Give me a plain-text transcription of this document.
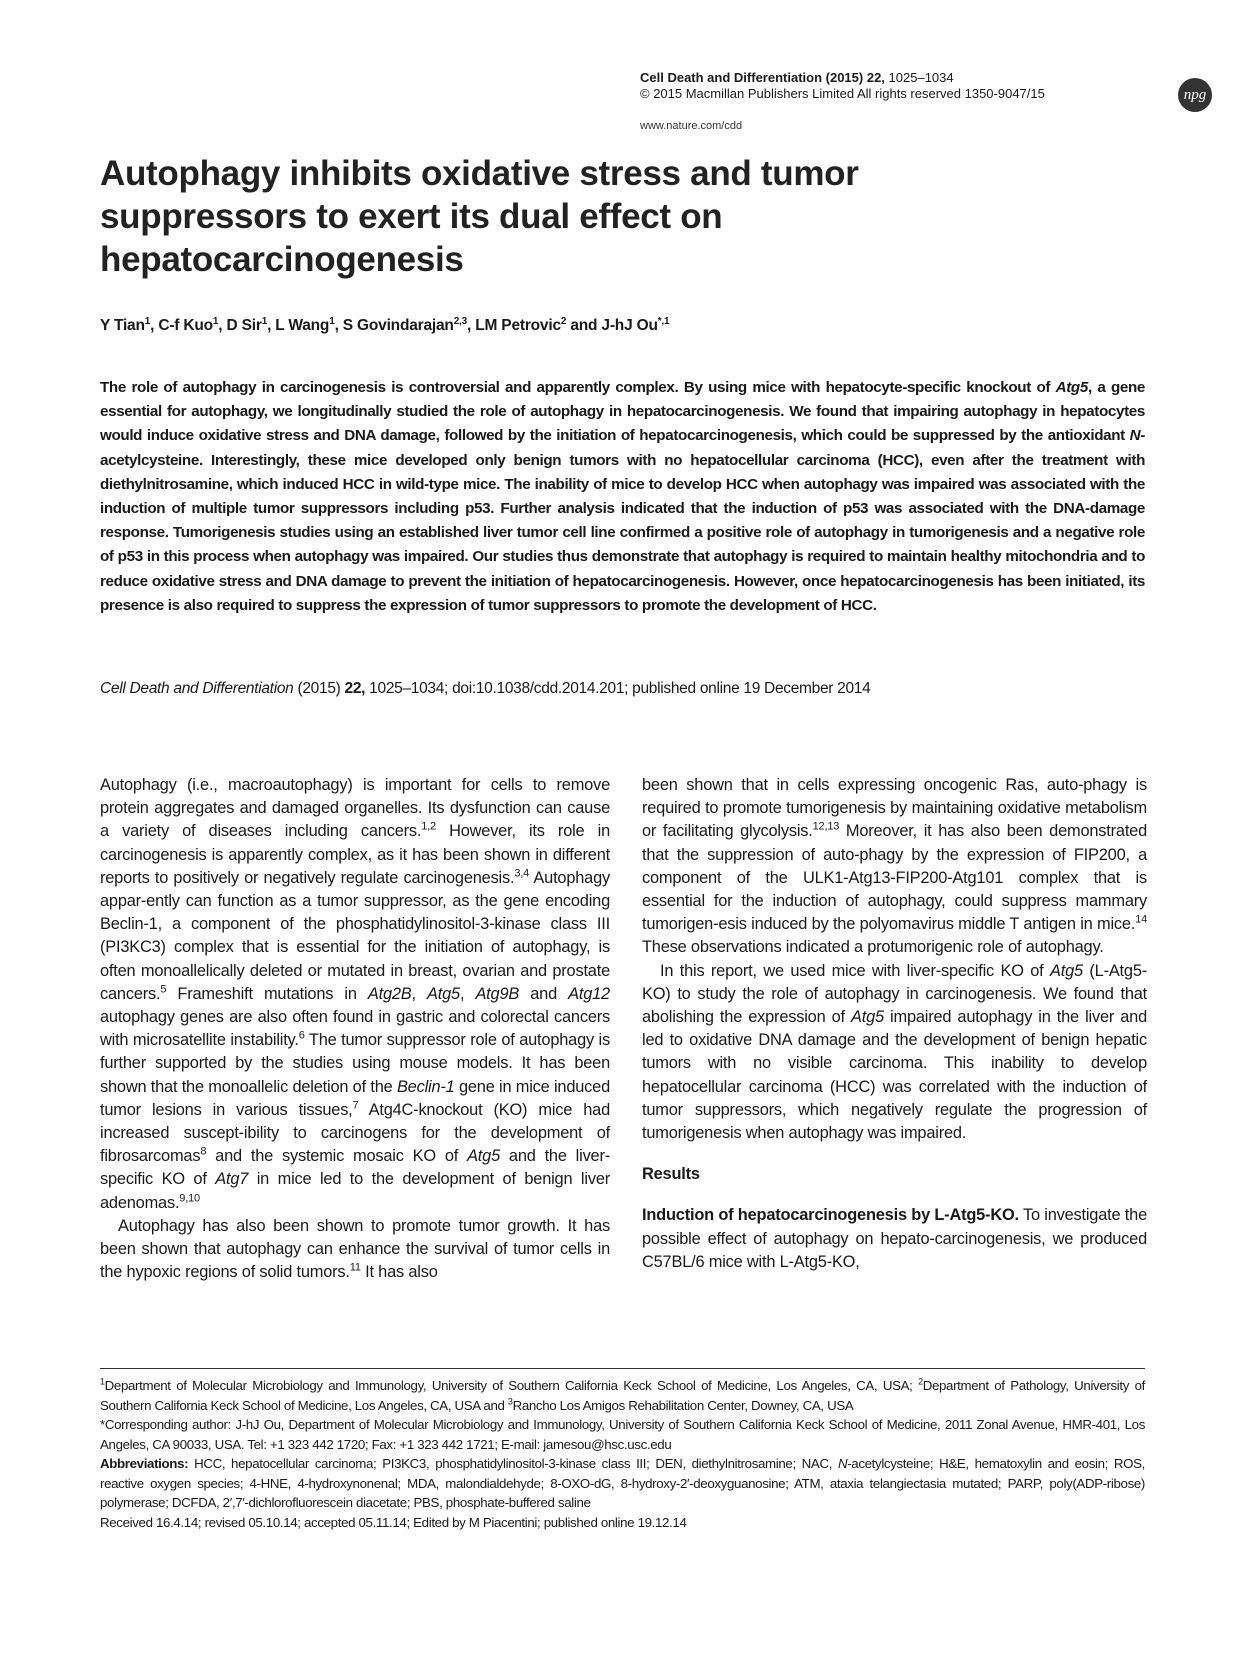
Cell Death and Differentiation (2015) 22, 1025–1034
© 2015 Macmillan Publishers Limited All rights reserved 1350-9047/15
www.nature.com/cdd
npg
Autophagy inhibits oxidative stress and tumor suppressors to exert its dual effect on hepatocarcinogenesis
Y Tian$^1$, C-f Kuo$^1$, D Sir$^1$, L Wang$^1$, S Govindarajan$^{2,3}$, LM Petrovic$^2$ and J-hJ $Ou^{*,1}$
The role of autophagy in carcinogenesis is controversial and apparently complex. By using mice with hepatocyte-specific knockout of Atg5, a gene essential for autophagy, we longitudinally studied the role of autophagy in hepatocarcinogenesis. We found that impairing autophagy in hepatocytes would induce oxidative stress and DNA damage, followed by the initiation of hepatocarcinogenesis, which could be suppressed by the antioxidant N-acetylcysteine. Interestingly, these mice developed only benign tumors with no hepatocellular carcinoma (HCC), even after the treatment with diethylnitrosamine, which induced HCC in wild-type mice. The inability of mice to develop HCC when autophagy was impaired was associated with the induction of multiple tumor suppressors including p53. Further analysis indicated that the induction of p53 was associated with the DNA-damage response. Tumorigenesis studies using an established liver tumor cell line confirmed a positive role of autophagy in tumorigenesis and a negative role of p53 in this process when autophagy was impaired. Our studies thus demonstrate that autophagy is required to maintain healthy mitochondria and to reduce oxidative stress and DNA damage to prevent the initiation of hepatocarcinogenesis. However, once hepatocarcinogenesis has been initiated, its presence is also required to suppress the expression of tumor suppressors to promote the development of HCC.
Cell Death and Differentiation (2015) 22, 1025–1034; doi:10.1038/cdd.2014.201; published online 19 December 2014

Autophagy (i.e., macroautophagy) is important for cells to remove protein aggregates and damaged organelles. Its dysfunction can cause a variety of diseases including cancers.$^{1,2}$ However, its role in carcinogenesis is apparently complex, as it has been shown in different reports to positively or negatively regulate carcinogenesis.$^{3,4}$ Autophagy appar-ently can function as a tumor suppressor, as the gene encoding Beclin-1, a component of the phosphatidylinositol-3-kinase class III (PI3KC3) complex that is essential for the initiation of autophagy, is often monoallelically deleted or mutated in breast, ovarian and prostate cancers.$^5$ Frameshift mutations in Atg2B, Atg5, Atg9B and Atg12 autophagy genes are also often found in gastric and colorectal cancers with microsatellite instability.$^6$ The tumor suppressor role of autophagy is further supported by the studies using mouse models. It has been shown that the monoallelic deletion of the Beclin-1 gene in mice induced tumor lesions in various tissues,$^7$ Atg4C-knockout (KO) mice had increased suscept-ibility to carcinogens for the development of fibrosarcomas$^8$ and the systemic mosaic KO of Atg5 and the liver-specific KO of Atg7 in mice led to the development of benign liver adenomas.$^{9,10}$

Autophagy has also been shown to promote tumor growth. It has been shown that autophagy can enhance the survival of tumor cells in the hypoxic regions of solid tumors.$^{11}$ It has also

been shown that in cells expressing oncogenic Ras, auto-phagy is required to promote tumorigenesis by maintaining oxidative metabolism or facilitating glycolysis.$^{12,13}$ Moreover, it has also been demonstrated that the suppression of auto-phagy by the expression of FIP200, a component of the ULK1-Atg13-FIP200-Atg101 complex that is essential for the induction of autophagy, could suppress mammary tumorigen-esis induced by the polyomavirus middle T antigen in mice.$^{14}$ These observations indicated a protumorigenic role of autophagy.

In this report, we used mice with liver-specific KO of Atg5 (L-Atg5-KO) to study the role of autophagy in carcinogenesis. We found that abolishing the expression of Atg5 impaired autophagy in the liver and led to oxidative DNA damage and the development of benign hepatic tumors with no visible carcinoma. This inability to develop hepatocellular carcinoma (HCC) was correlated with the induction of tumor suppressors, which negatively regulate the progression of tumorigenesis when autophagy was impaired.

Results

Induction of hepatocarcinogenesis by L-Atg5-KO. To investigate the possible effect of autophagy on hepato-carcinogenesis, we produced C57BL/6 mice with L-Atg5-KO,

$^1$Department of Molecular Microbiology and Immunology, University of Southern California Keck School of Medicine, Los Angeles, CA, USA; $^2$Department of Pathology, University of Southern California Keck School of Medicine, Los Angeles, CA, USA and $^3$Rancho Los Amigos Rehabilitation Center, Downey, CA, USA
*Corresponding author: J-hJ Ou, Department of Molecular Microbiology and Immunology, University of Southern California Keck School of Medicine, 2011 Zonal Avenue, HMR-401, Los Angeles, CA 90033, USA. Tel: +1 323 442 1720; Fax: +1 323 442 1721; E-mail: jamesou@hsc.usc.edu
Abbreviations: HCC, hepatocellular carcinoma; PI3KC3, phosphatidylinositol-3-kinase class III; DEN, diethylnitrosamine; NAC, N-acetylcysteine; H&E, hematoxylin and eosin; ROS, reactive oxygen species; 4-HNE, 4-hydroxynonenal; MDA, malondialdehyde; 8-OXO-dG, 8-hydroxy-2′-deoxyguanosine; ATM, ataxia telangiectasia mutated; PARP, poly(ADP-ribose) polymerase; DCFDA, 2′,7′-dichlorofluorescein diacetate; PBS, phosphate-buffered saline
Received 16.4.14; revised 05.10.14; accepted 05.11.14; Edited by M Piacentini; published online 19.12.14
